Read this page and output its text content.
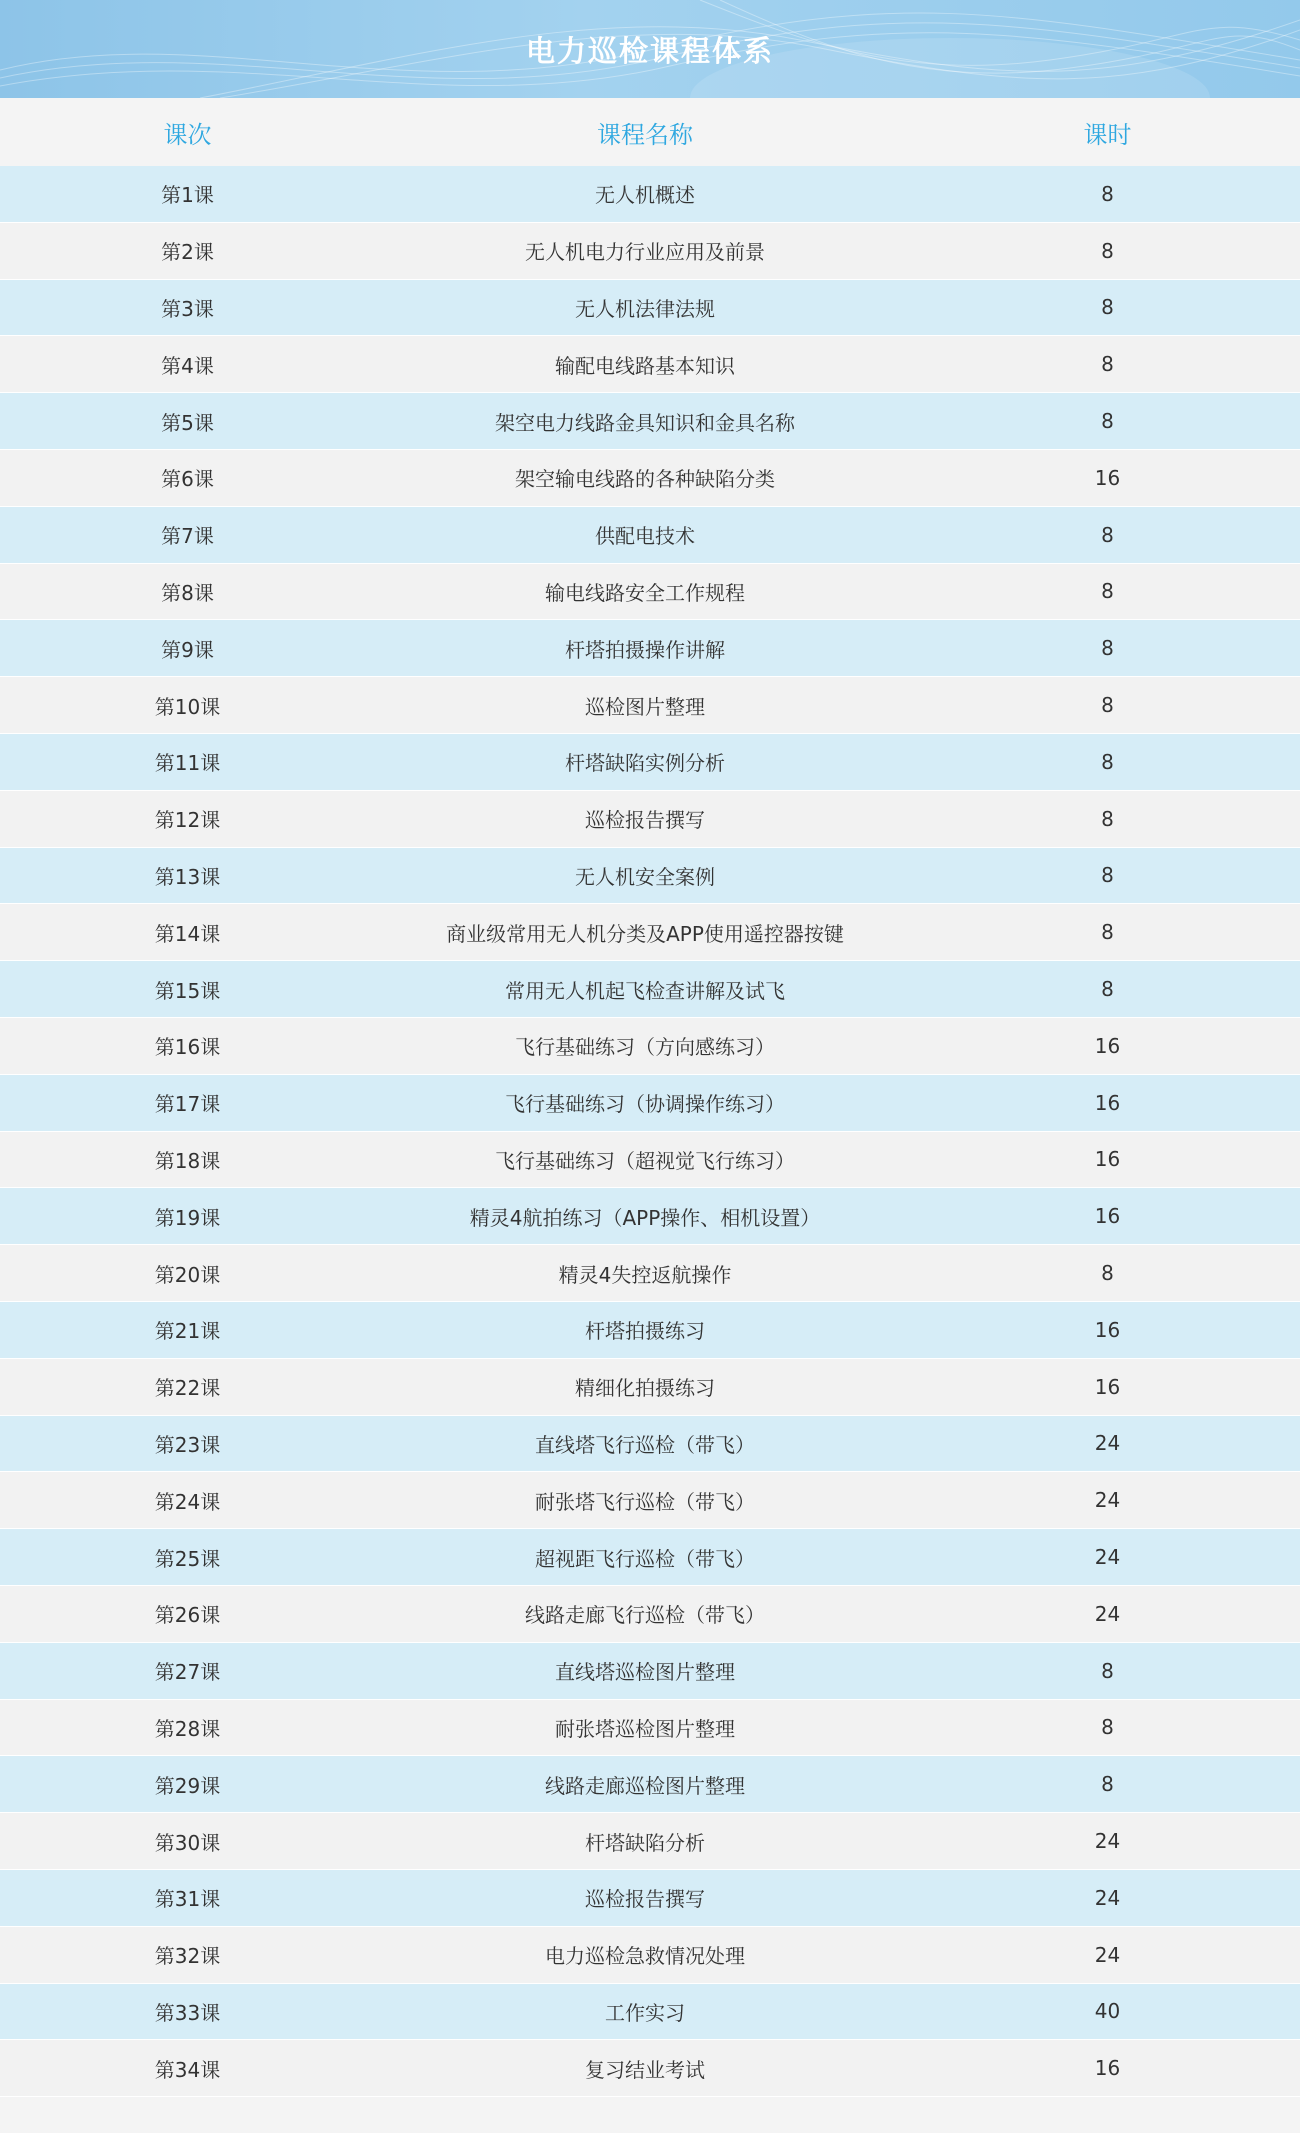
电力巡检课程体系
课次	课程名称	课时
第1课	无人机概述	8
第2课	无人机电力行业应用及前景	8
第3课	无人机法律法规	8
第4课	输配电线路基本知识	8
第5课	架空电力线路金具知识和金具名称	8
第6课	架空输电线路的各种缺陷分类	16
第7课	供配电技术	8
第8课	输电线路安全工作规程	8
第9课	杆塔拍摄操作讲解	8
第10课	巡检图片整理	8
第11课	杆塔缺陷实例分析	8
第12课	巡检报告撰写	8
第13课	无人机安全案例	8
第14课	商业级常用无人机分类及APP使用遥控器按键	8
第15课	常用无人机起飞检查讲解及试飞	8
第16课	飞行基础练习（方向感练习）	16
第17课	飞行基础练习（协调操作练习）	16
第18课	飞行基础练习（超视觉飞行练习）	16
第19课	精灵4航拍练习（APP操作、相机设置）	16
第20课	精灵4失控返航操作	8
第21课	杆塔拍摄练习	16
第22课	精细化拍摄练习	16
第23课	直线塔飞行巡检（带飞）	24
第24课	耐张塔飞行巡检（带飞）	24
第25课	超视距飞行巡检（带飞）	24
第26课	线路走廊飞行巡检（带飞）	24
第27课	直线塔巡检图片整理	8
第28课	耐张塔巡检图片整理	8
第29课	线路走廊巡检图片整理	8
第30课	杆塔缺陷分析	24
第31课	巡检报告撰写	24
第32课	电力巡检急救情况处理	24
第33课	工作实习	40
第34课	复习结业考试	16
